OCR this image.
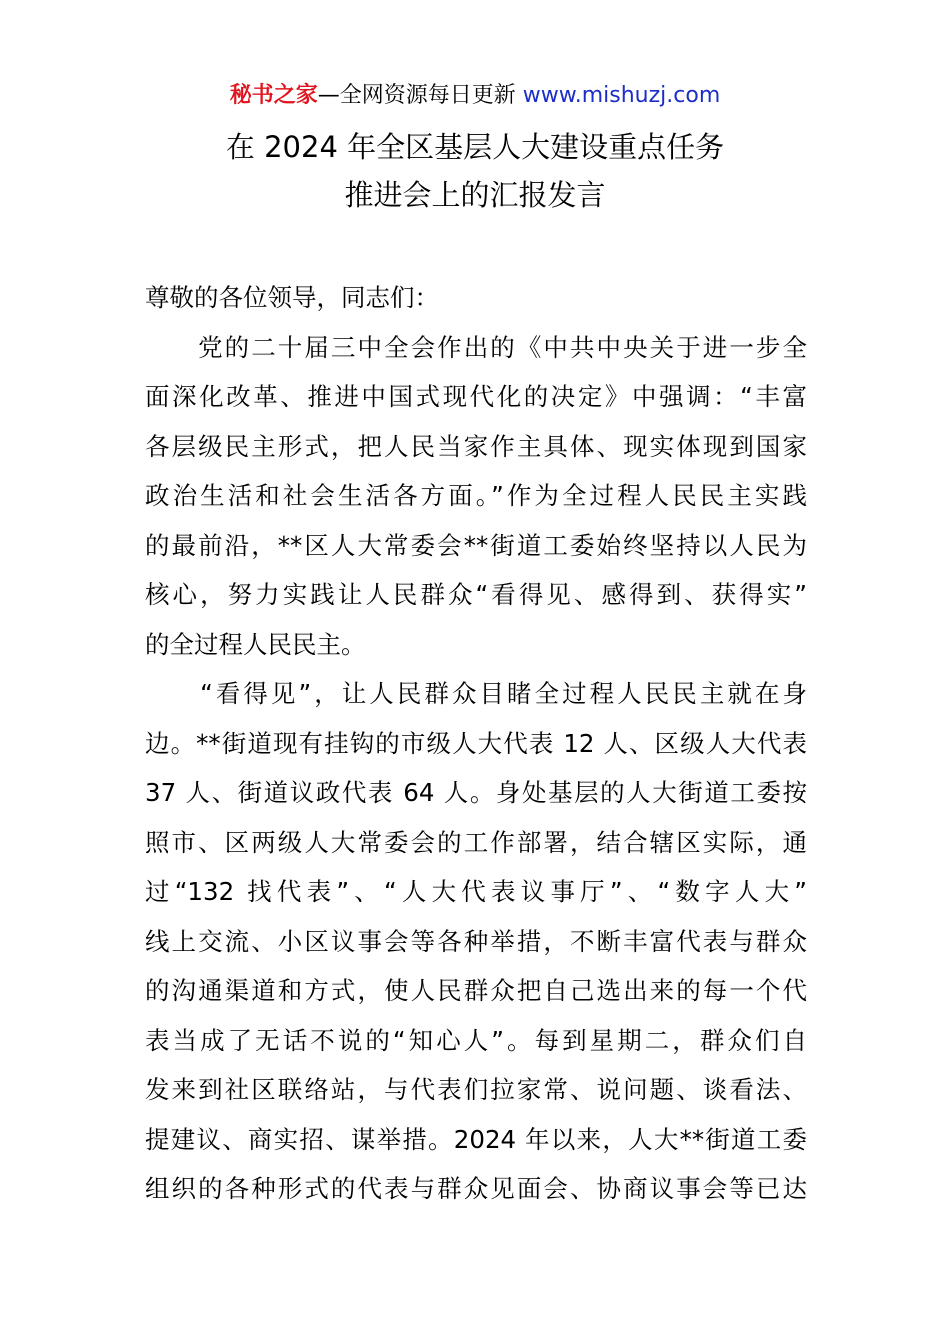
秘书之家—全网资源每日更新 www.mishuzj.com
在 2024 年全区基层人大建设重点任务
推进会上的汇报发言
尊敬的各位领导，同志们：
　　党的二十届三中全会作出的《中共中央关于进一步全
面深化改革、推进中国式现代化的决定》中强调：“丰富
各层级民主形式，把人民当家作主具体、现实体现到国家
政治生活和社会生活各方面。”作为全过程人民民主实践
的最前沿，**区人大常委会**街道工委始终坚持以人民为
核心，努力实践让人民群众“看得见、感得到、获得实”
的全过程人民民主。
　　“看得见”，让人民群众目睹全过程人民民主就在身
边。**街道现有挂钩的市级人大代表 12 人、区级人大代表
37 人、街道议政代表 64 人。身处基层的人大街道工委按
照市、区两级人大常委会的工作部署，结合辖区实际，通
过“132 找代表”、“人大代表议事厅”、“数字人大”
线上交流、小区议事会等各种举措，不断丰富代表与群众
的沟通渠道和方式，使人民群众把自己选出来的每一个代
表当成了无话不说的“知心人”。每到星期二，群众们自
发来到社区联络站，与代表们拉家常、说问题、谈看法、
提建议、商实招、谋举措。2024 年以来，人大**街道工委
组织的各种形式的代表与群众见面会、协商议事会等已达
